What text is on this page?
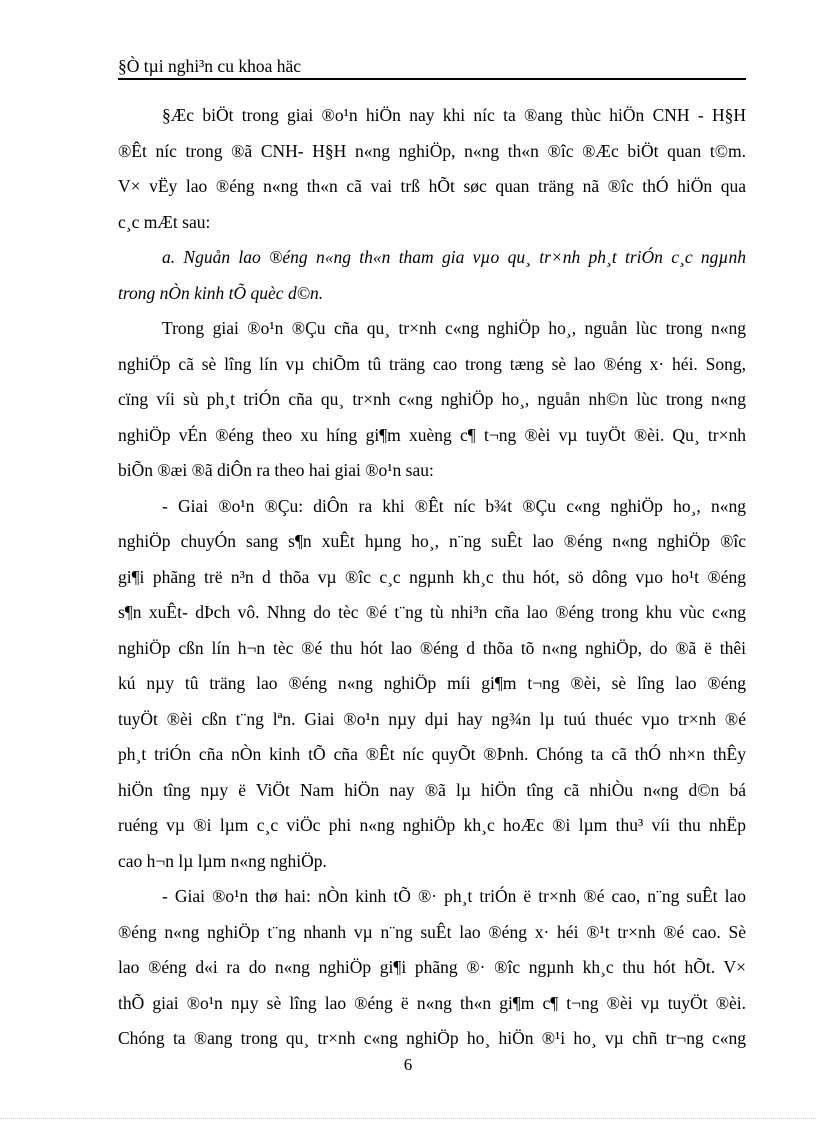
§Ò tµi nghi³n cu khoa häc
§Æc biÖt trong giai ®o¹n hiÖn nay khi níc ta ®ang thùc hiÖn CNH - H§H
®Êt níc trong ®ã CNH- H§H n«ng nghiÖp, n«ng th«n ®îc ®Æc biÖt quan t©m.
V× vËy lao ®éng n«ng th«n cã vai trß hÕt søc quan träng nã ®îc thÓ hiÖn qua
c¸c mÆt sau:
a. Nguån lao ®éng n«ng th«n tham gia vµo qu¸ tr×nh ph¸t triÓn c¸c ngµnh
trong nÒn kinh tÕ quèc d©n.
Trong giai ®o¹n ®Çu cña qu¸ tr×nh c«ng nghiÖp ho¸, nguån lùc trong n«ng
nghiÖp cã sè lîng lín vµ chiÕm tû träng cao trong tæng sè lao ®éng x· héi. Song,
cïng víi sù ph¸t triÓn cña qu¸ tr×nh c«ng nghiÖp ho¸, nguån nh©n lùc trong n«ng
nghiÖp vÉn ®éng theo xu híng gi¶m xuèng c¶ t¬ng ®èi vµ tuyÖt ®èi. Qu¸ tr×nh
biÕn ®æi ®ã diÔn ra theo hai giai ®o¹n sau:
- Giai ®o¹n ®Çu: diÔn ra khi ®Êt níc b¾t ®Çu c«ng nghiÖp ho¸, n«ng
nghiÖp chuyÓn sang s¶n xuÊt hµng ho¸, n¨ng suÊt lao ®éng n«ng nghiÖp ®îc
gi¶i phãng trë n³n d thõa vµ ®îc c¸c ngµnh kh¸c thu hót, sö dông vµo ho¹t ®éng
s¶n xuÊt- dÞch vô. Nhng do tèc ®é t¨ng tù nhi³n cña lao ®éng trong khu vùc c«ng
nghiÖp cßn lín h¬n tèc ®é thu hót lao ®éng d thõa tõ n«ng nghiÖp, do ®ã ë thêi
kú nµy tû träng lao ®éng n«ng nghiÖp míi gi¶m t¬ng ®èi, sè lîng lao ®éng
tuyÖt ®èi cßn t¨ng lªn. Giai ®o¹n nµy dµi hay ng¾n lµ tuú thuéc vµo tr×nh ®é
ph¸t triÓn cña nÒn kinh tÕ cña ®Êt níc quyÕt ®Þnh. Chóng ta cã thÓ nh×n thÊy
hiÖn tîng nµy ë ViÖt Nam hiÖn nay ®ã lµ hiÖn tîng cã nhiÒu n«ng d©n bá
ruéng vµ ®i lµm c¸c viÖc phi n«ng nghiÖp kh¸c hoÆc ®i lµm thu³ víi thu nhËp
cao h¬n lµ lµm n«ng nghiÖp.
- Giai ®o¹n thø hai: nÒn kinh tÕ ®· ph¸t triÓn ë tr×nh ®é cao, n¨ng suÊt lao
®éng n«ng nghiÖp t¨ng nhanh vµ n¨ng suÊt lao ®éng x· héi ®¹t tr×nh ®é cao. Sè
lao ®éng d«i ra do n«ng nghiÖp gi¶i phãng ®· ®îc ngµnh kh¸c thu hót hÕt. V×
thÕ giai ®o¹n nµy sè lîng lao ®éng ë n«ng th«n gi¶m c¶ t¬ng ®èi vµ tuyÖt ®èi.
Chóng ta ®ang trong qu¸ tr×nh c«ng nghiÖp ho¸ hiÖn ®¹i ho¸ vµ chñ tr¬ng c«ng
6
